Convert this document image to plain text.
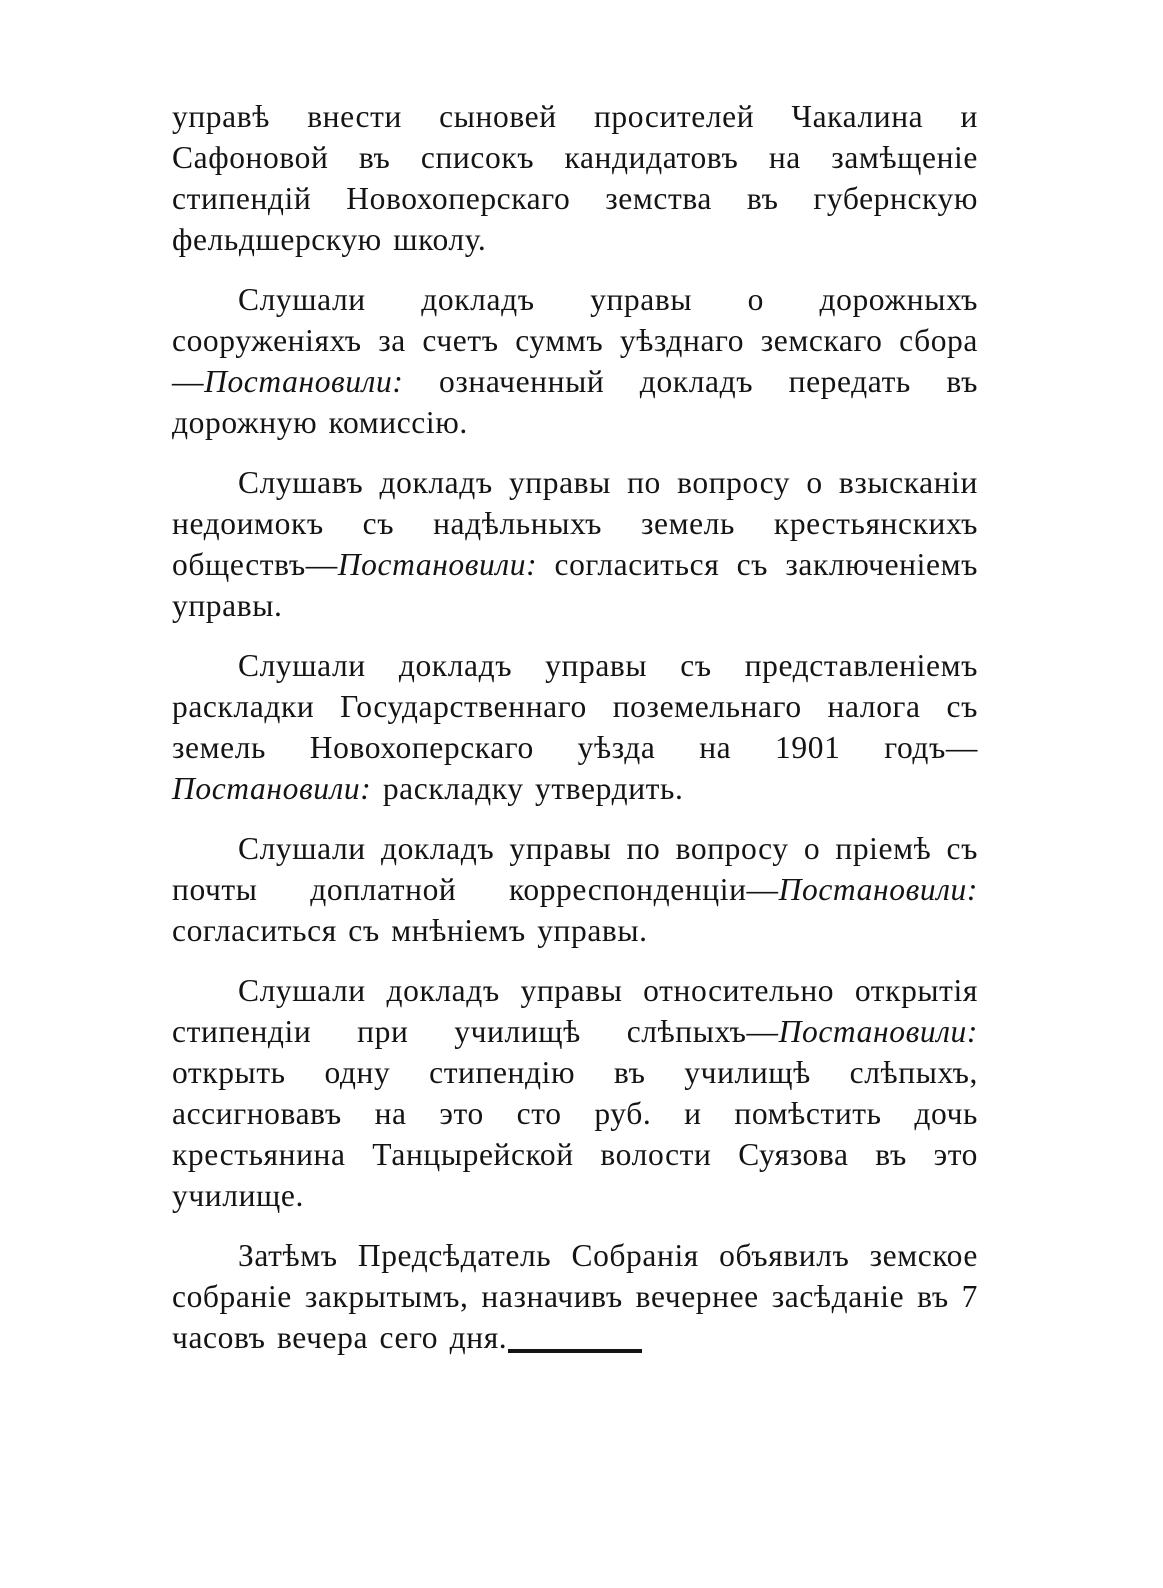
управѣ внести сыновей просителей Чакалина и Сафоновой въ списокъ кандидатовъ на замѣщеніе стипендій Новохоперскаго земства въ губернскую фельдшерскую школу.

Слушали докладъ управы о дорожныхъ сооруженіяхъ за счетъ суммъ уѣзднаго земскаго сбора—Постановили: означенный докладъ передать въ дорожную комиссію.

Слушавъ докладъ управы по вопросу о взысканіи недоимокъ съ надѣльныхъ земель крестьянскихъ обществъ—Постановили: согласиться съ заключеніемъ управы.

Слушали докладъ управы съ представленіемъ раскладки Государственнаго поземельнаго налога съ земель Новохоперскаго уѣзда на 1901 годъ—Постановили: раскладку утвердить.

Слушали докладъ управы по вопросу о пріемѣ съ почты доплатной корреспонденціи—Постановили: согласиться съ мнѣніемъ управы.

Слушали докладъ управы относительно открытія стипендіи при училищѣ слѣпыхъ—Постановили: открыть одну стипендію въ училищѣ слѣпыхъ, ассигновавъ на это сто руб. и помѣстить дочь крестьянина Танцырейской волости Суязова въ это училище.

Затѣмъ Предсѣдатель Собранія объявилъ земское собраніе закрытымъ, назначивъ вечернее засѣданіе въ 7 часовъ вечера сего дня.
